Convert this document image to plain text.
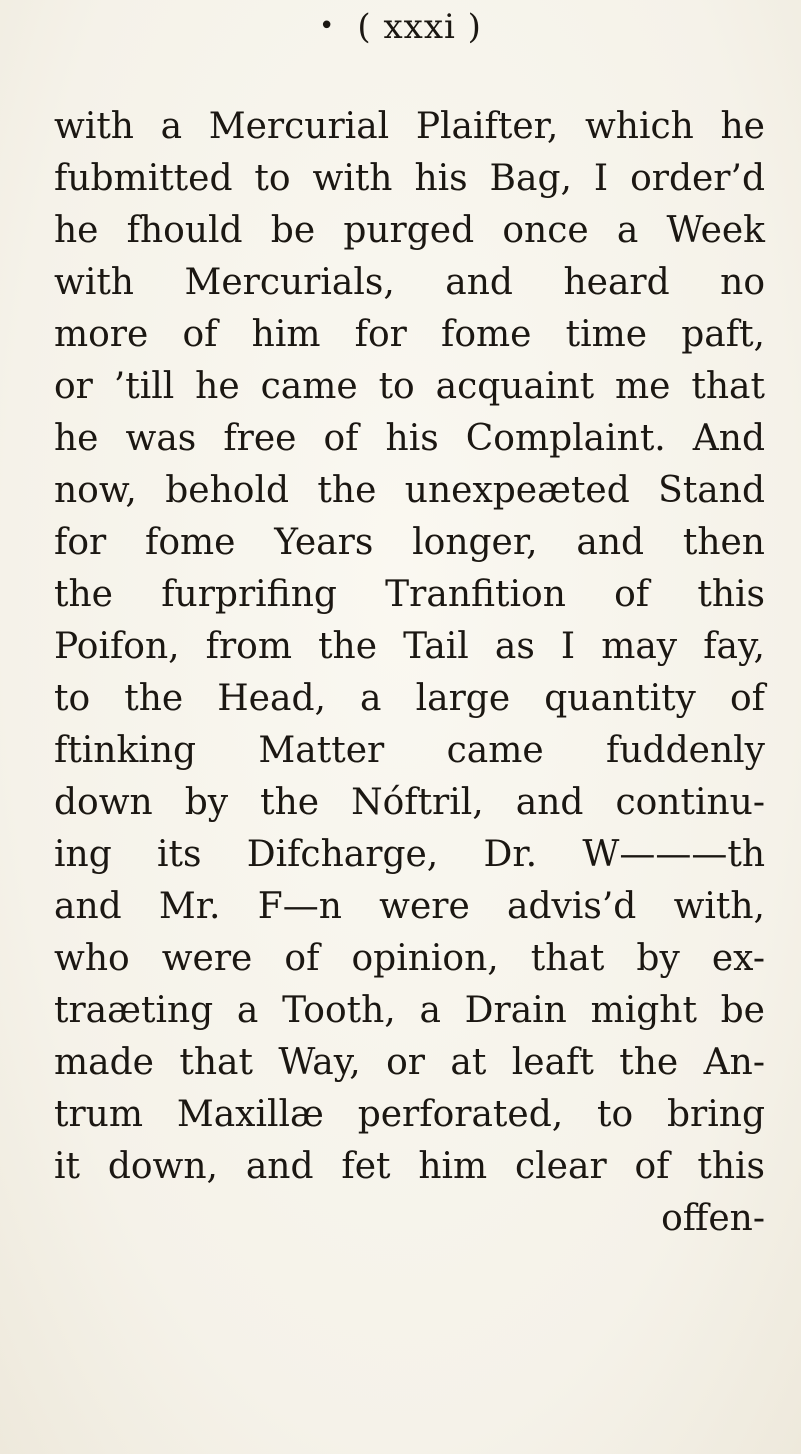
• ( xxxi )
with a Mercurial Plaifter, which he
fubmitted to with his Bag, I order’d
he fhould be purged once a Week
with Mercurials, and heard no
more of him for fome time paft,
or ’till he came to acquaint me that
he was free of his Complaint. And
now, behold the unexpeæted Stand
for fome Years longer, and then
the furprifing Tranfition of this
Poifon, from the Tail as I may fay,
to the Head, a large quantity of
ftinking Matter came fuddenly
down by the Nóftril, and continu-
ing its Difcharge, Dr. W———th
and Mr. F—n were advis’d with,
who were of opinion, that by ex-
traæting a Tooth, a Drain might be
made that Way, or at leaft the An-
trum Maxillæ perforated, to bring
it down, and fet him clear of this
offen-
